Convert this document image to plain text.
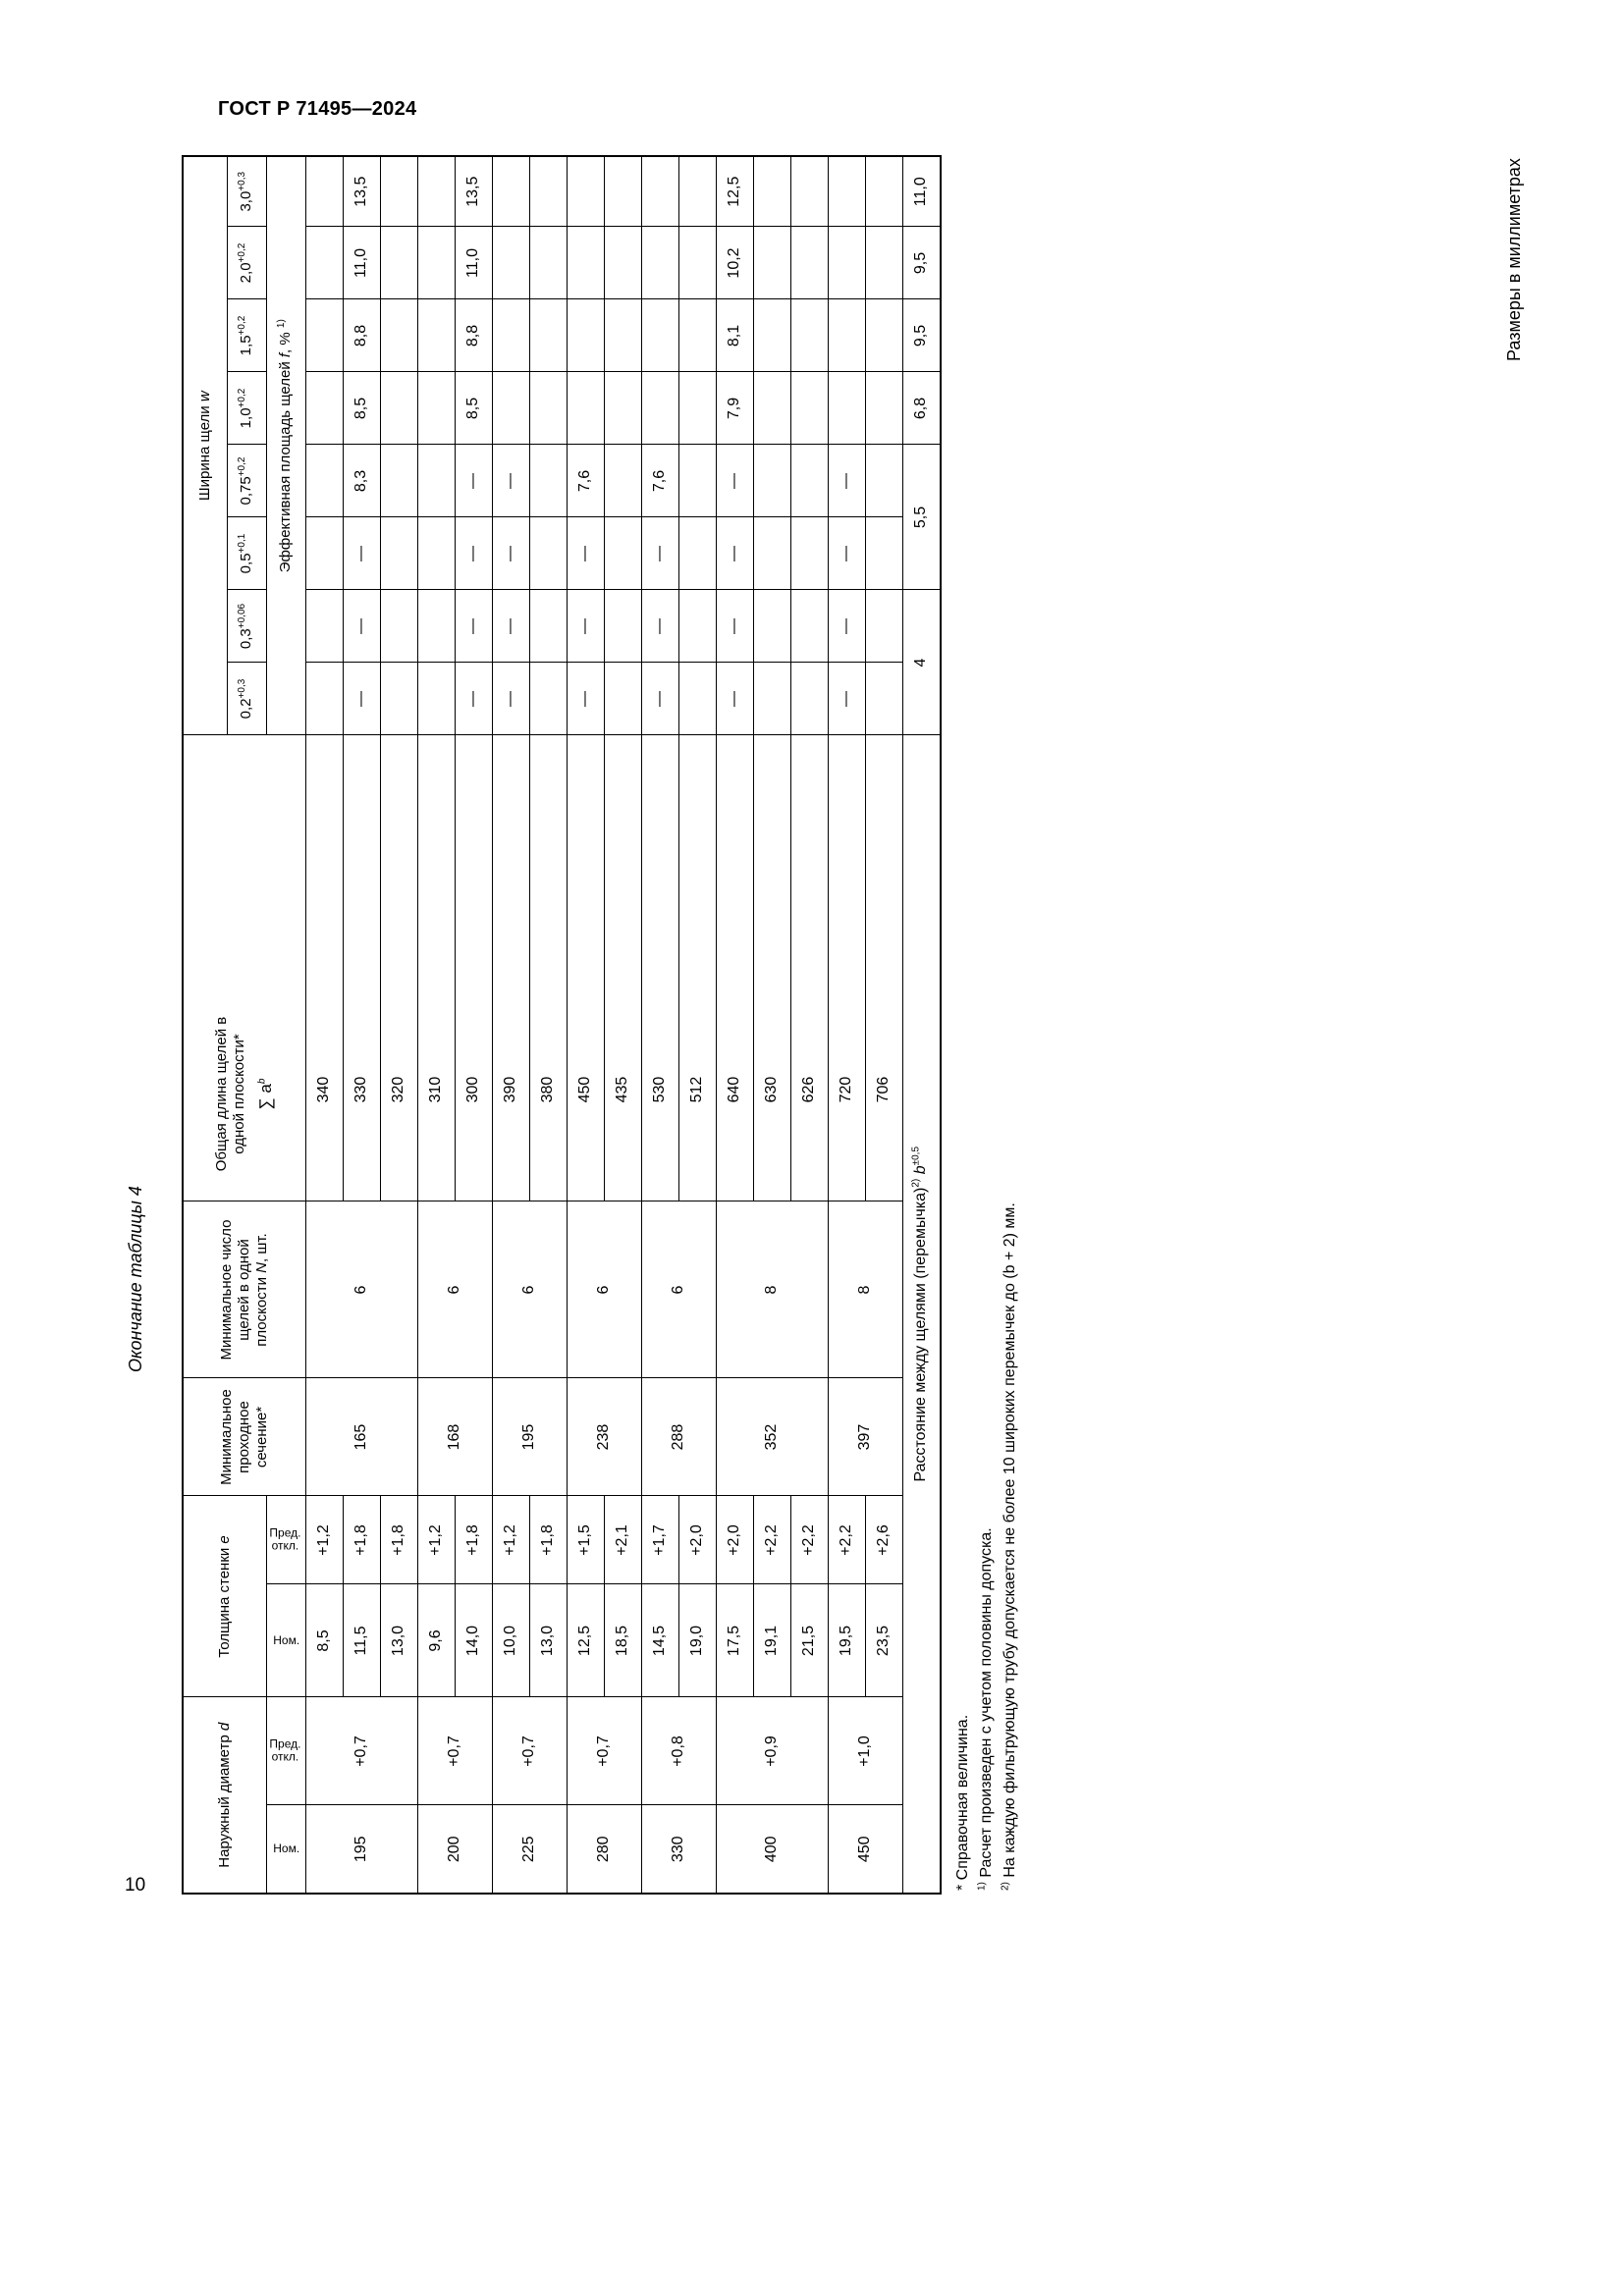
ГОСТ Р 71495—2024
Окончание таблицы 4
Размеры в миллиметрах
Наружный диаметр d		Толщина стенки e		Минимальное проходное сечение*	Минимальное число щелей в одной плоскости N, шт.	Общая длина щелей в одной плоскости* ∑ $a^b$	Ширина щели w							
							$0,2^{+0,3}$	$0,3^{+0,06}$	$0,5^{+0,1}$	$0,75^{+0,2}$	$1,0^{+0,2}$	$1,5^{+0,2}$	$2,0^{+0,2}$	$3,0^{+0,3}$
Ном.	Пред. откл.	Ном.	Пред. откл.				Эффективная площадь щелей f, % $^{1)}$
195	+0,7	8,5	+1,2	165	6	340								
		11,5	+1,8			330	—	—	—	8,3	8,5	8,8	11,0	13,5
		13,0	+1,8			320								
200	+0,7	9,6	+1,2	168	6	310								
		14,0	+1,8			300	—	—	—	—	8,5	8,8	11,0	13,5
225	+0,7	10,0	+1,2	195	6	390	—	—	—	—				
		13,0	+1,8			380								
280	+0,7	12,5	+1,5	238	6	450	—	—	—	7,6				
		18,5	+2,1			435								
330	+0,8	14,5	+1,7	288	6	530	—	—	—	7,6				
		19,0	+2,0			512								
400	+0,9	17,5	+2,0	352	8	640	—	—	—	—	7,9	8,1	10,2	12,5
		19,1	+2,2			630								
		21,5	+2,2			626								
450	+1,0	19,5	+2,2	397	8	720	—	—	—	—				
		23,5	+2,6			706								
Расстояние между щелями (перемычка)$^{2)}$ $b^{\pm 0,5}$							4		5,5		6,8	9,5	9,5	11,0
* Справочная величина.
$^{1)}$ Расчет произведен с учетом половины допуска.
$^{2)}$ На каждую фильтрующую трубу допускается не более 10 широких перемычек до (b + 2) мм.
10
